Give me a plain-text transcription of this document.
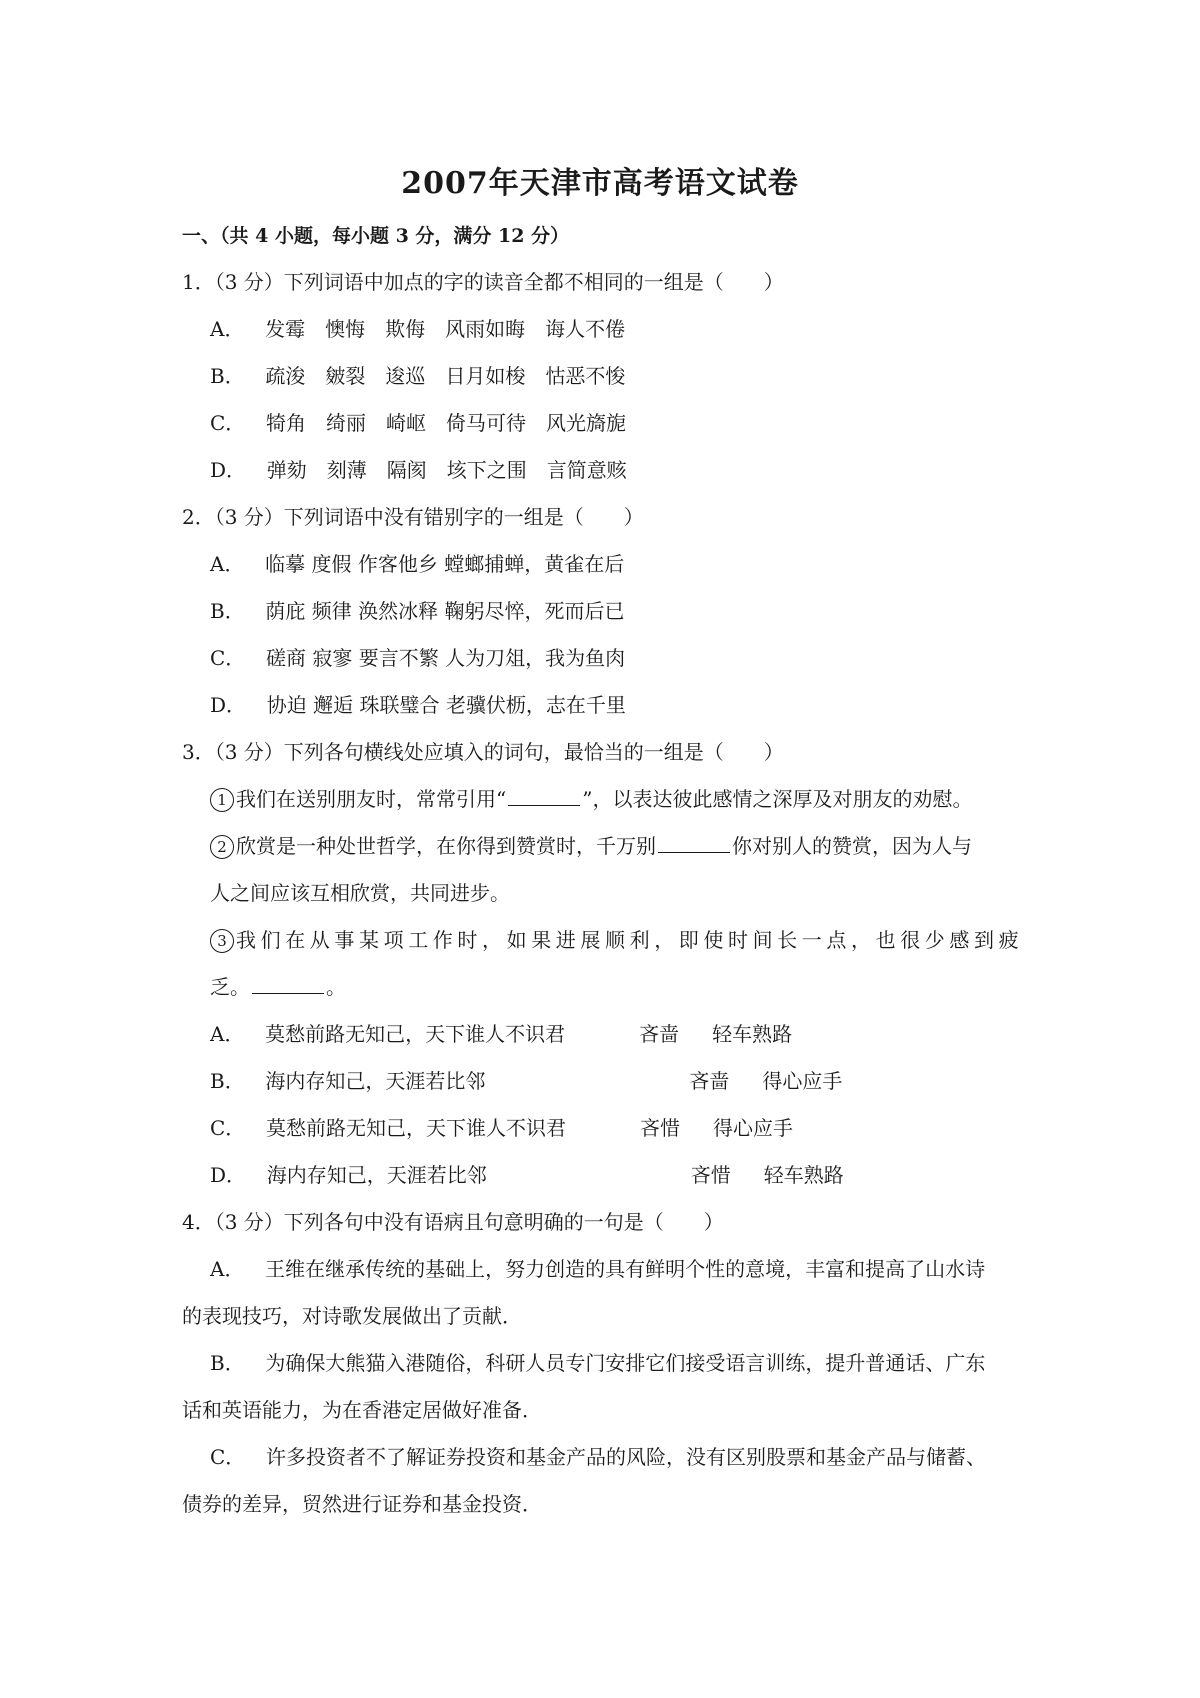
2007年天津市高考语文试卷
一、（共 4 小题，每小题 3 分，满分 12 分）
1．（3 分）下列词语中加点的字的读音全都不相同的一组是（　　）
A． 发霉　懊悔　欺侮　风雨如晦　诲人不倦
B． 疏浚　皴裂　逡巡　日月如梭　怙恶不悛
C． 犄角　绮丽　崎岖　倚马可待　风光旖旎
D． 弹劾　刻薄　隔阂　垓下之围　言简意赅
2．（3 分）下列词语中没有错别字的一组是（　　）
A． 临摹 度假 作客他乡 螳螂捕蝉，黄雀在后
B． 荫庇 频律 涣然冰释 鞠躬尽悴，死而后已
C． 磋商 寂寥 要言不繁 人为刀俎，我为鱼肉
D． 协迫 邂逅 珠联璧合 老骥伏枥，志在千里
3．（3 分）下列各句横线处应填入的词句，最恰当的一组是（　　）
1 我们在送别朋友时，常常引用“	”，以表达彼此感情之深厚及对朋友的劝慰。
2 欣赏是一种处世哲学，在你得到赞赏时，千万别	你对别人的赞赏，因为人与
人之间应该互相欣赏，共同进步。
3 我们在从事某项工作时，如果进展顺利，即使时间长一点，也很少感到疲
乏。	。
A． 莫愁前路无知己，天下谁人不识君	吝啬 轻车熟路
B． 海内存知己，天涯若比邻	吝啬 得心应手
C． 莫愁前路无知己，天下谁人不识君	吝惜 得心应手
D． 海内存知己，天涯若比邻	吝惜 轻车熟路
4．（3 分）下列各句中没有语病且句意明确的一句是（　　）
A． 王维在继承传统的基础上，努力创造的具有鲜明个性的意境，丰富和提高了山水诗
的表现技巧，对诗歌发展做出了贡献．
B． 为确保大熊猫入港随俗，科研人员专门安排它们接受语言训练，提升普通话、广东
话和英语能力，为在香港定居做好准备．
C． 许多投资者不了解证券投资和基金产品的风险，没有区别股票和基金产品与储蓄、
债券的差异，贸然进行证券和基金投资．
